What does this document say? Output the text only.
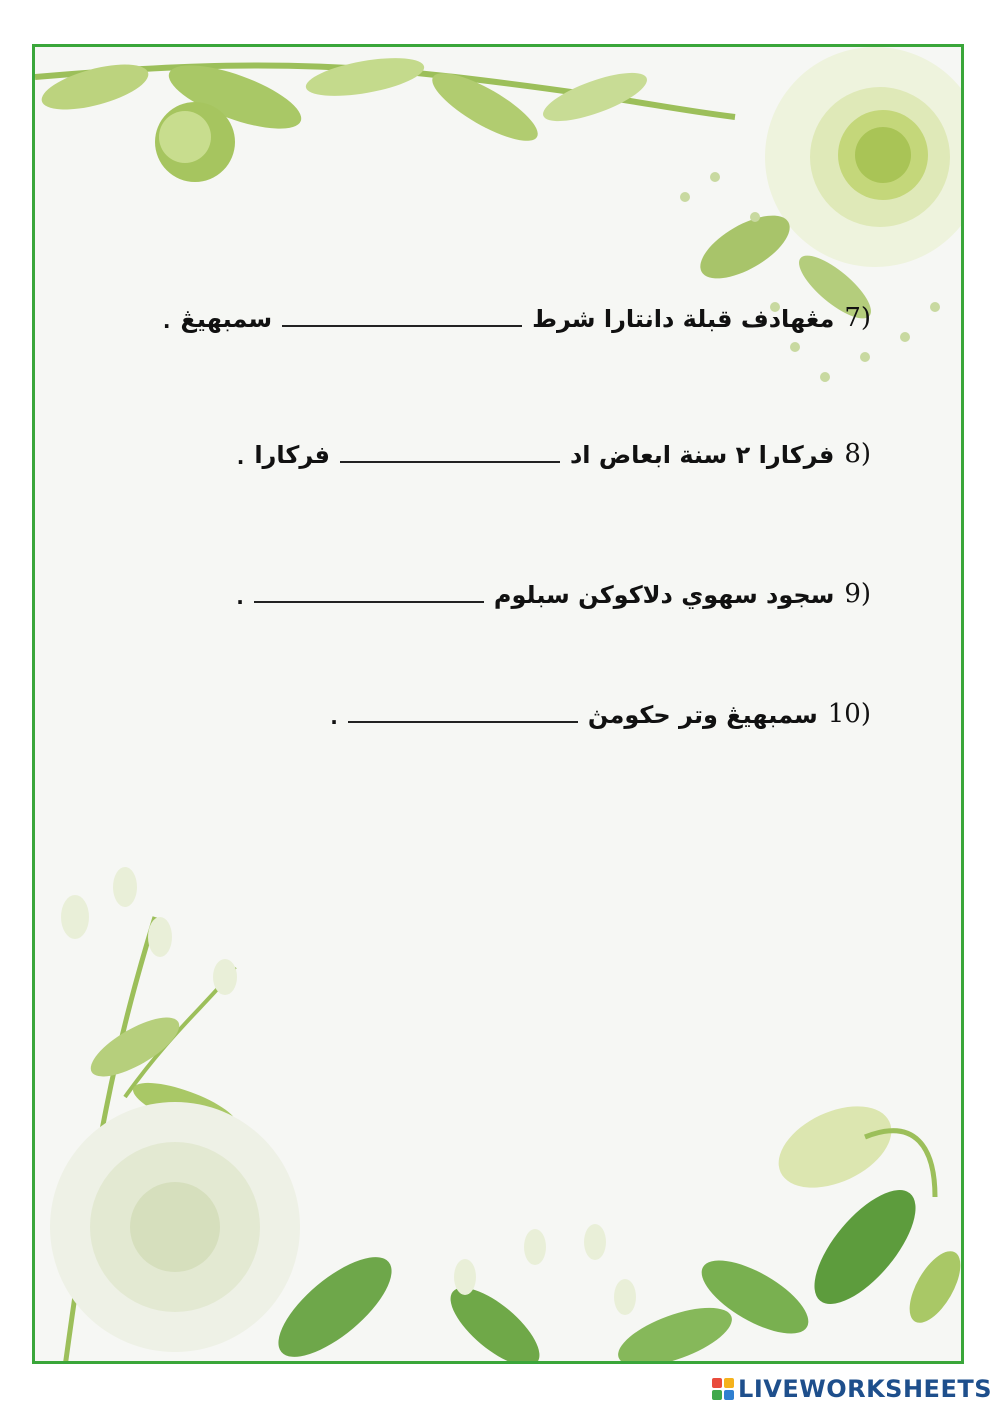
7)
مڠهادف قبلة دانتارا شرط
سمبهيڠ
.
8)
فركارا ٢ سنة ابعاض اد
فركارا
.
9)
سجود سهوي دلاكوكن سبلوم
.
10)
سمبهيڠ وتر حکومڽ
.
LIVEWORKSHEETS
